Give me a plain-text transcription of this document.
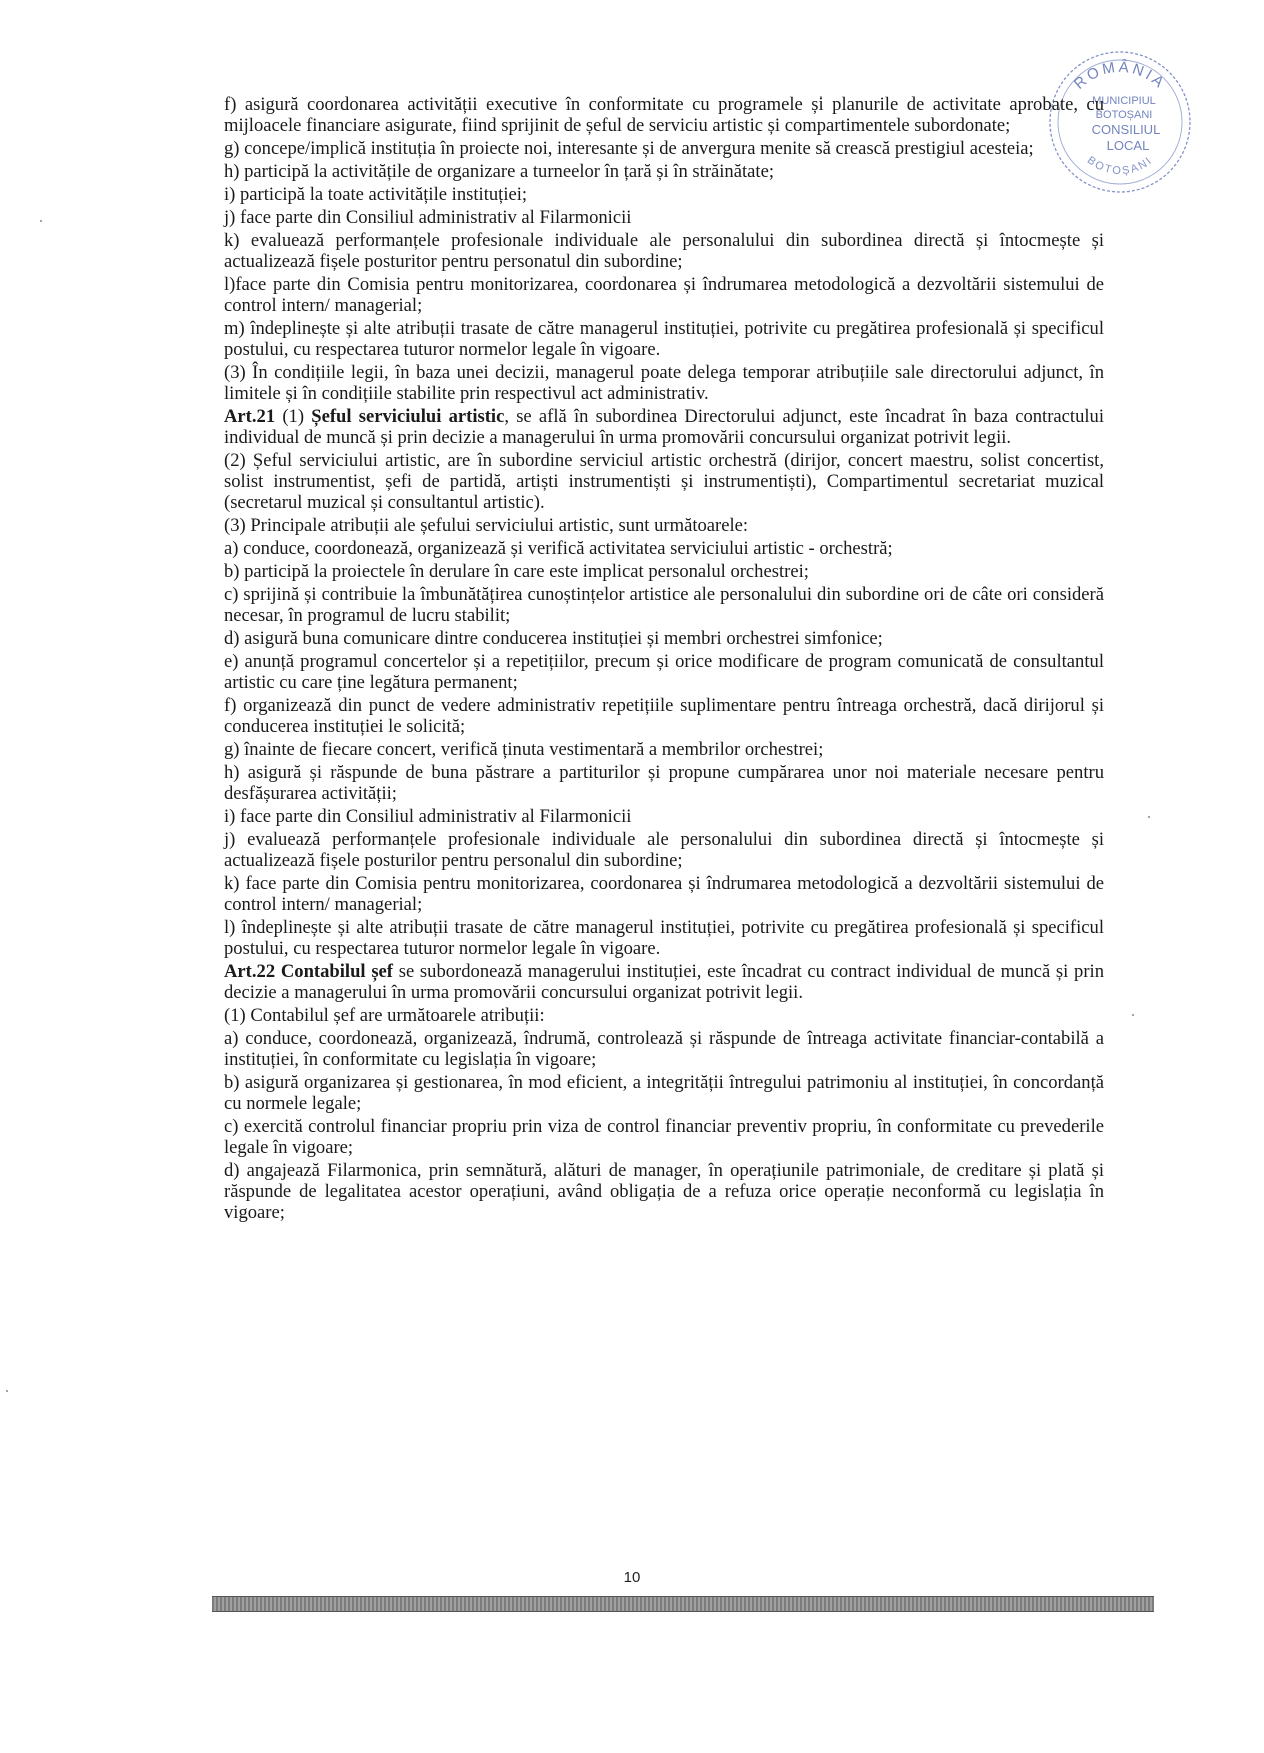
ROMÂNIA
MUNICIPIUL
BOTOȘANI
CONSILIUL
LOCAL
BOTOȘANI

f) asigură coordonarea activității executive în conformitate cu programele și planurile de activitate aprobate, cu mijloacele financiare asigurate, fiind sprijinit de șeful de serviciu artistic și compartimentele subordonate;

g) concepe/implică instituția în proiecte noi, interesante și de anvergura menite să crească prestigiul acesteia;

h) participă la activitățile de organizare a turneelor în țară și în străinătate;

i) participă la toate activitățile instituției;

j) face parte din Consiliul administrativ al Filarmonicii

k) evaluează performanțele profesionale individuale ale personalului din subordinea directă și întocmește și actualizează fișele posturitor pentru personatul din subordine;

l)face parte din Comisia pentru monitorizarea, coordonarea și îndrumarea metodologică a dezvoltării sistemului de control intern/ managerial;

m) îndeplinește și alte atribuții trasate de către managerul instituției, potrivite cu pregătirea profesională și specificul postului, cu respectarea tuturor normelor legale în vigoare.

(3) În condițiile legii, în baza unei decizii, managerul poate delega temporar atribuțiile sale directorului adjunct, în limitele și în condițiile stabilite prin respectivul act administrativ.

Art.21 (1) Șeful serviciului artistic, se află în subordinea Directorului adjunct, este încadrat în baza contractului individual de muncă și prin decizie a managerului în urma promovării concursului organizat potrivit legii.

(2) Șeful serviciului artistic, are în subordine serviciul artistic orchestră (dirijor, concert maestru, solist concertist, solist instrumentist, șefi de partidă, artiști instrumentiști și instrumentiști), Compartimentul secretariat muzical (secretarul muzical și consultantul artistic).

(3) Principale atribuții ale șefului serviciului artistic, sunt următoarele:

a) conduce, coordonează, organizează și verifică activitatea serviciului artistic - orchestră;

b) participă la proiectele în derulare în care este implicat personalul orchestrei;

c) sprijină și contribuie la îmbunătățirea cunoștințelor artistice ale personalului din subordine ori de câte ori consideră necesar, în programul de lucru stabilit;

d) asigură buna comunicare dintre conducerea instituției și membri orchestrei simfonice;

e) anunță programul concertelor și a repetițiilor, precum și orice modificare de program comunicată de consultantul artistic cu care ține legătura permanent;

f) organizează din punct de vedere administrativ repetițiile suplimentare pentru întreaga orchestră, dacă dirijorul și conducerea instituției le solicită;

g) înainte de fiecare concert, verifică ținuta vestimentară a membrilor orchestrei;

h) asigură și răspunde de buna păstrare a partiturilor și propune cumpărarea unor noi materiale necesare pentru desfășurarea activității;

i) face parte din Consiliul administrativ al Filarmonicii

j) evaluează performanțele profesionale individuale ale personalului din subordinea directă și întocmește și actualizează fișele posturilor pentru personalul din subordine;

k) face parte din Comisia pentru monitorizarea, coordonarea și îndrumarea metodologică a dezvoltării sistemului de control intern/ managerial;

l) îndeplinește și alte atribuții trasate de către managerul instituției, potrivite cu pregătirea profesională și specificul postului, cu respectarea tuturor normelor legale în vigoare.

Art.22 Contabilul șef se subordonează managerului instituției, este încadrat cu contract individual de muncă și prin decizie a managerului în urma promovării concursului organizat potrivit legii.

(1) Contabilul șef are următoarele atribuții:

a) conduce, coordonează, organizează, îndrumă, controlează și răspunde de întreaga activitate financiar-contabilă a instituției, în conformitate cu legislația în vigoare;

b) asigură organizarea și gestionarea, în mod eficient, a integrității întregului patrimoniu al instituției, în concordanță cu normele legale;

c) exercită controlul financiar propriu prin viza de control financiar preventiv propriu, în conformitate cu prevederile legale în vigoare;

d) angajează Filarmonica, prin semnătură, alături de manager, în operațiunile patrimoniale, de creditare și plată și răspunde de legalitatea acestor operațiuni, având obligația de a refuza orice operație neconformă cu legislația în vigoare;

10
